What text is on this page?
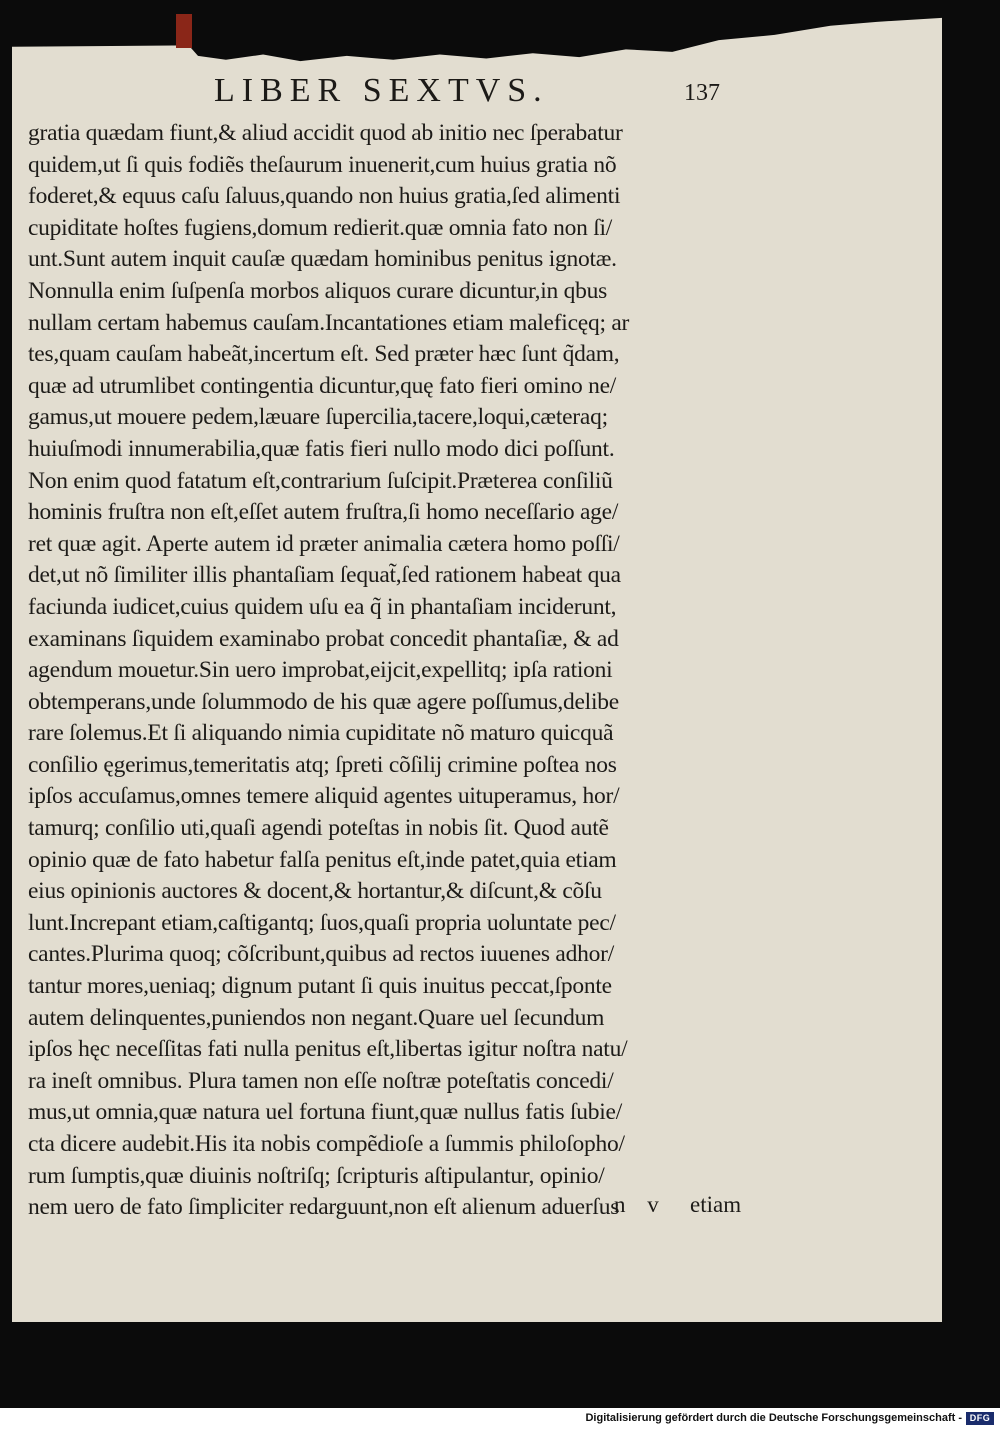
LIBER SEXTVS.	137
gratia quædam fiunt,& aliud accidit quod ab initio nec ſperabatur
quidem,ut ſi quis fodiẽs theſaurum inuenerit,cum huius gratia nõ
foderet,& equus caſu ſaluus,quando non huius gratia,ſed alimenti
cupiditate hoſtes fugiens,domum redierit.quæ omnia fato non ſi/
unt.Sunt autem inquit cauſæ quædam hominibus penitus ignotæ.
Nonnulla enim ſuſpenſa morbos aliquos curare dicuntur,in qbus
nullam certam habemus cauſam.Incantationes etiam maleficęq; ar
tes,quam cauſam habeãt,incertum eſt. Sed præter hæc ſunt q̃dam,
quæ ad utrumlibet contingentia dicuntur,quę fato fieri omino ne/
gamus,ut mouere pedem,læuare ſupercilia,tacere,loqui,cæteraq;
huiuſmodi innumerabilia,quæ fatis fieri nullo modo dici poſſunt.
Non enim quod fatatum eſt,contrarium ſuſcipit.Præterea conſiliũ
hominis fruſtra non eſt,eſſet autem fruſtra,ſi homo neceſſario age/
ret quæ agit. Aperte autem id præter animalia cætera homo poſſi/
det,ut nõ ſimiliter illis phantaſiam ſequat̃,ſed rationem habeat qua
faciunda iudicet,cuius quidem uſu ea q̃ in phantaſiam inciderunt,
examinans ſiquidem examinabo probat concedit phantaſiæ, & ad
agendum mouetur.Sin uero improbat,eijcit,expellitq; ipſa rationi
obtemperans,unde ſolummodo de his quæ agere poſſumus,delibe
rare ſolemus.Et ſi aliquando nimia cupiditate nõ maturo quicquã
conſilio ęgerimus,temeritatis atq; ſpreti cõſilij crimine poſtea nos
ipſos accuſamus,omnes temere aliquid agentes uituperamus, hor/
tamurq; conſilio uti,quaſi agendi poteſtas in nobis ſit. Quod autẽ
opinio quæ de fato habetur falſa penitus eſt,inde patet,quia etiam
eius opinionis auctores & docent,& hortantur,& diſcunt,& cõſu
lunt.Increpant etiam,caſtigantq; ſuos,quaſi propria uoluntate pec/
cantes.Plurima quoq; cõſcribunt,quibus ad rectos iuuenes adhor/
tantur mores,ueniaq; dignum putant ſi quis inuitus peccat,ſponte
autem delinquentes,puniendos non negant.Quare uel ſecundum
ipſos hęc neceſſitas fati nulla penitus eſt,libertas igitur noſtra natu/
ra ineſt omnibus. Plura tamen non eſſe noſtræ poteſtatis concedi/
mus,ut omnia,quæ natura uel fortuna fiunt,quæ nullus fatis ſubie/
cta dicere audebit.His ita nobis compẽdioſe a ſummis philoſopho/
rum ſumptis,quæ diuinis noſtriſq; ſcripturis aſtipulantur, opinio/
nem uero de fato ſimpliciter redarguunt,non eſt alienum aduerſus
n v etiam
Digitalisierung gefördert durch die Deutsche Forschungsgemeinschaft - DFG
